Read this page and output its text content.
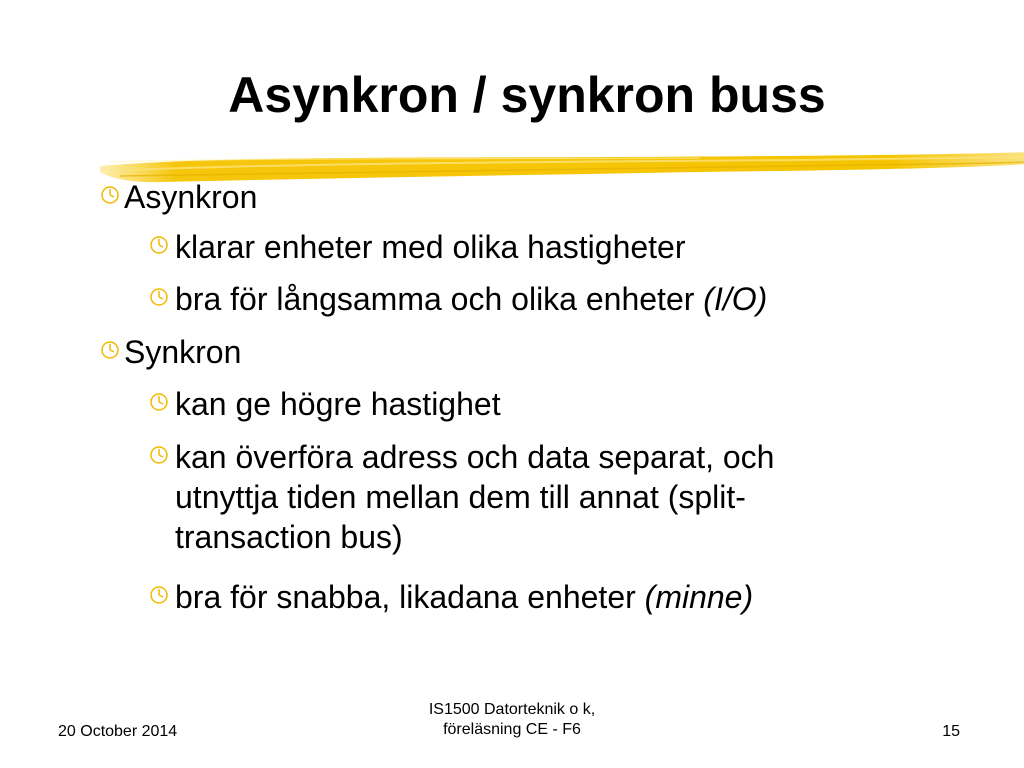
Asynkron / synkron buss
Asynkron
klarar enheter med olika hastigheter
bra för långsamma och olika enheter (I/O)
Synkron
kan ge högre hastighet
kan överföra adress och data separat, och
utnyttja tiden mellan dem till annat (split-
transaction bus)
bra för snabba, likadana enheter (minne)
20 October 2014
IS1500 Datorteknik o k,
föreläsning CE - F6	15
